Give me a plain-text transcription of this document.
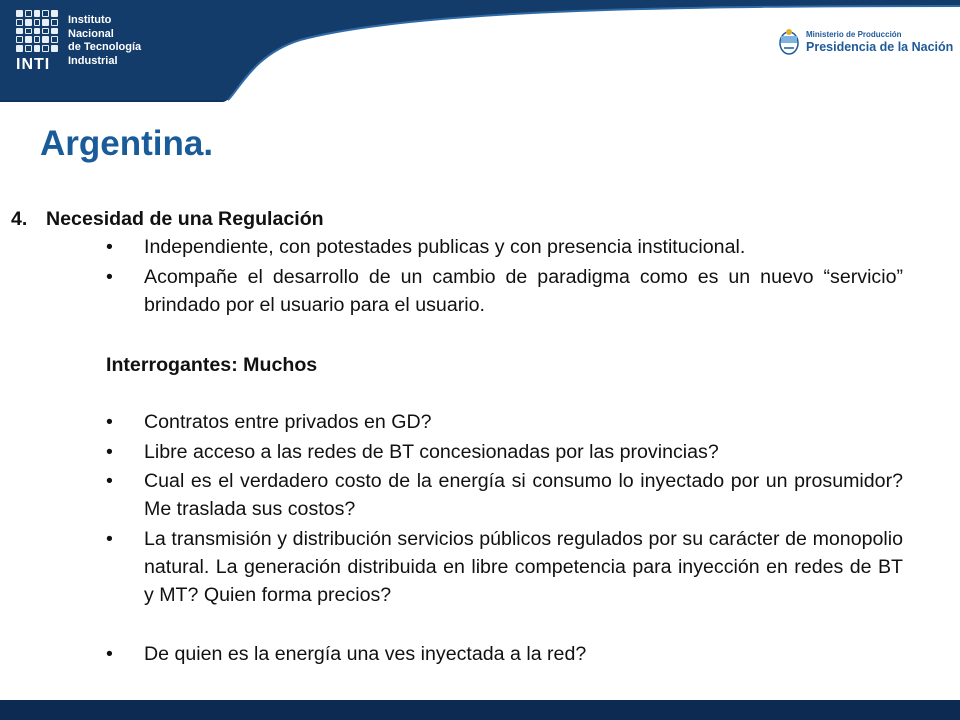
INTI
Instituto
Nacional
de Tecnología
Industrial
Ministerio de Producción
Presidencia de la Nación
Argentina.
4. Necesidad de una Regulación
• Independiente, con potestades publicas y con presencia institucional.
• Acompañe el desarrollo de un cambio de paradigma como es un nuevo “servicio” brindado por el usuario para el usuario.
Interrogantes: Muchos
• Contratos entre privados en GD?
• Libre acceso a las redes de BT concesionadas por las provincias?
• Cual es el verdadero costo de la energía si consumo lo inyectado por un prosumidor? Me traslada sus costos?
• La transmisión y distribución servicios públicos regulados por su carácter de monopolio natural. La generación distribuida en libre competencia para inyección en redes de BT y MT? Quien forma precios?
• De quien es la energía una ves inyectada a la red?
